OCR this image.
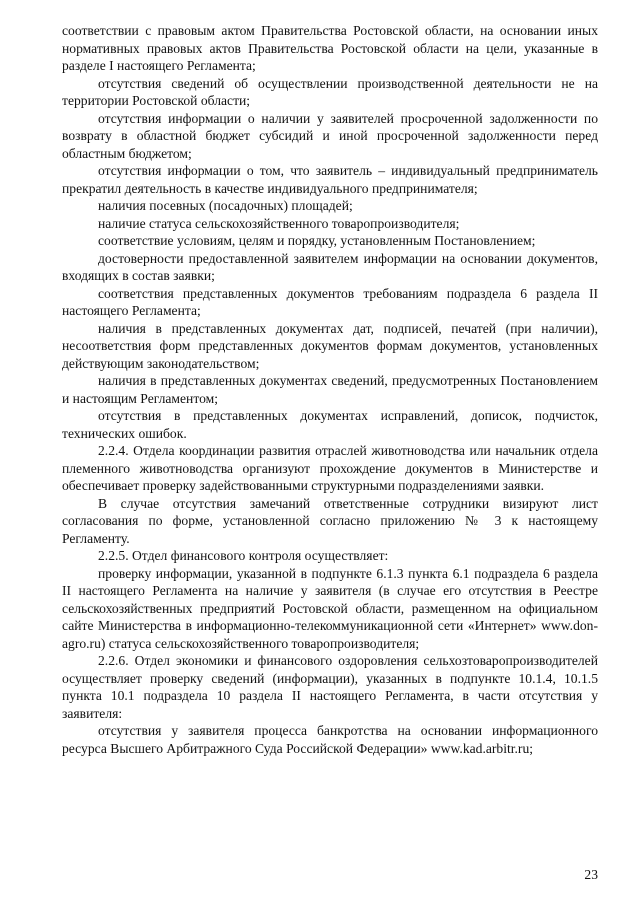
соответствии с правовым актом Правительства Ростовской области, на основании иных нормативных правовых актов Правительства Ростовской области на цели, указанные в разделе I настоящего Регламента;

отсутствия сведений об осуществлении производственной деятельности не на территории Ростовской области;

отсутствия информации о наличии у заявителей просроченной задолженности по возврату в областной бюджет субсидий и иной просроченной задолженности перед областным бюджетом;

отсутствия информации о том, что заявитель – индивидуальный предприниматель прекратил деятельность в качестве индивидуального предпринимателя;

наличия посевных (посадочных) площадей;

наличие статуса сельскохозяйственного товаропроизводителя;

соответствие условиям, целям и порядку, установленным Постановлением;

достоверности предоставленной заявителем информации на основании документов, входящих в состав заявки;

соответствия представленных документов требованиям подраздела 6 раздела II настоящего Регламента;

наличия в представленных документах дат, подписей, печатей (при наличии), несоответствия форм представленных документов формам документов, установленных действующим законодательством;

наличия в представленных документах сведений, предусмотренных Постановлением и настоящим Регламентом;

отсутствия в представленных документах исправлений, дописок, подчисток, технических ошибок.

2.2.4. Отдела координации развития отраслей животноводства или начальник отдела племенного животноводства организуют прохождение документов в Министерстве и обеспечивает проверку задействованными структурными подразделениями заявки.

В случае отсутствия замечаний ответственные сотрудники визируют лист согласования по форме, установленной согласно приложению № 3 к настоящему Регламенту.

2.2.5. Отдел финансового контроля осуществляет:

проверку информации, указанной в подпункте 6.1.3 пункта 6.1 подраздела 6 раздела II настоящего Регламента на наличие у заявителя (в случае его отсутствия в Реестре сельскохозяйственных предприятий Ростовской области, размещенном на официальном сайте Министерства в информационно-телекоммуникационной сети «Интернет» www.don-agro.ru) статуса сельскохозяйственного товаропроизводителя;

2.2.6. Отдел экономики и финансового оздоровления сельхозтоваропроизводителей осуществляет проверку сведений (информации), указанных в подпункте 10.1.4, 10.1.5 пункта 10.1 подраздела 10 раздела II настоящего Регламента, в части отсутствия у заявителя:

отсутствия у заявителя процесса банкротства на основании информационного ресурса Высшего Арбитражного Суда Российской Федерации» www.kad.arbitr.ru;

23
